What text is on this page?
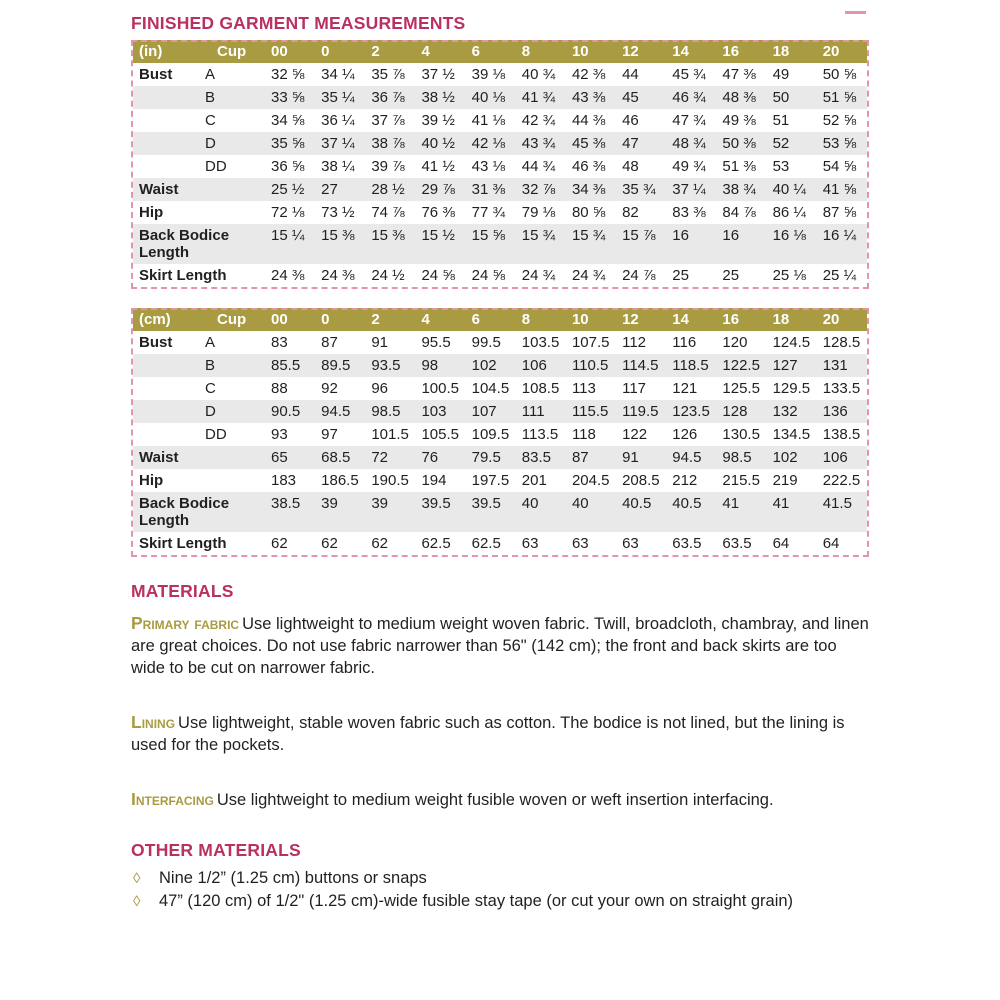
FINISHED GARMENT MEASUREMENTS
(in)	Cup	00	0	2	4	6	8	10	12	14	16	18	20

Bust	A	32 ⅝	34 ¼	35 ⅞	37 ½	39 ⅛	40 ¾	42 ⅜	44	45 ¾	47 ⅜	49	50 ⅝

	B	33 ⅝	35 ¼	36 ⅞	38 ½	40 ⅛	41 ¾	43 ⅜	45	46 ¾	48 ⅜	50	51 ⅝

	C	34 ⅝	36 ¼	37 ⅞	39 ½	41 ⅛	42 ¾	44 ⅜	46	47 ¾	49 ⅜	51	52 ⅝

	D	35 ⅝	37 ¼	38 ⅞	40 ½	42 ⅛	43 ¾	45 ⅜	47	48 ¾	50 ⅜	52	53 ⅝

	DD	36 ⅝	38 ¼	39 ⅞	41 ½	43 ⅛	44 ¾	46 ⅜	48	49 ¾	51 ⅜	53	54 ⅝

Waist		25 ½	27	28 ½	29 ⅞	31 ⅜	32 ⅞	34 ⅜	35 ¾	37 ¼	38 ¾	40 ¼	41 ⅝

Hip		72 ⅛	73 ½	74 ⅞	76 ⅜	77 ¾	79 ⅛	80 ⅝	82	83 ⅜	84 ⅞	86 ¼	87 ⅝

Back Bodice Length		15 ¼	15 ⅜	15 ⅜	15 ½	15 ⅝	15 ¾	15 ¾	15 ⅞	16	16	16 ⅛	16 ¼

Skirt Length		24 ⅜	24 ⅜	24 ½	24 ⅝	24 ⅝	24 ¾	24 ¾	24 ⅞	25	25	25 ⅛	25 ¼
(cm)	Cup	00	0	2	4	6	8	10	12	14	16	18	20

Bust	A	83	87	91	95.5	99.5	103.5	107.5	112	116	120	124.5	128.5

	B	85.5	89.5	93.5	98	102	106	110.5	114.5	118.5	122.5	127	131

	C	88	92	96	100.5	104.5	108.5	113	117	121	125.5	129.5	133.5

	D	90.5	94.5	98.5	103	107	111	115.5	119.5	123.5	128	132	136

	DD	93	97	101.5	105.5	109.5	113.5	118	122	126	130.5	134.5	138.5

Waist		65	68.5	72	76	79.5	83.5	87	91	94.5	98.5	102	106

Hip		183	186.5	190.5	194	197.5	201	204.5	208.5	212	215.5	219	222.5

Back Bodice Length		38.5	39	39	39.5	39.5	40	40	40.5	40.5	41	41	41.5

Skirt Length		62	62	62	62.5	62.5	63	63	63	63.5	63.5	64	64
MATERIALS

Primary fabric Use lightweight to medium weight woven fabric. Twill, broadcloth, chambray, and linen are great choices. Do not use fabric narrower than 56" (142 cm); the front and back skirts are too wide to be cut on narrower fabric.

Lining Use lightweight, stable woven fabric such as cotton. The bodice is not lined, but the lining is used for the pockets.

Interfacing Use lightweight to medium weight fusible woven or weft insertion interfacing.

OTHER MATERIALS
◊	Nine 1/2” (1.25 cm) buttons or snaps
◊	47” (120 cm) of 1/2" (1.25 cm)-wide fusible stay tape (or cut your own on straight grain)
